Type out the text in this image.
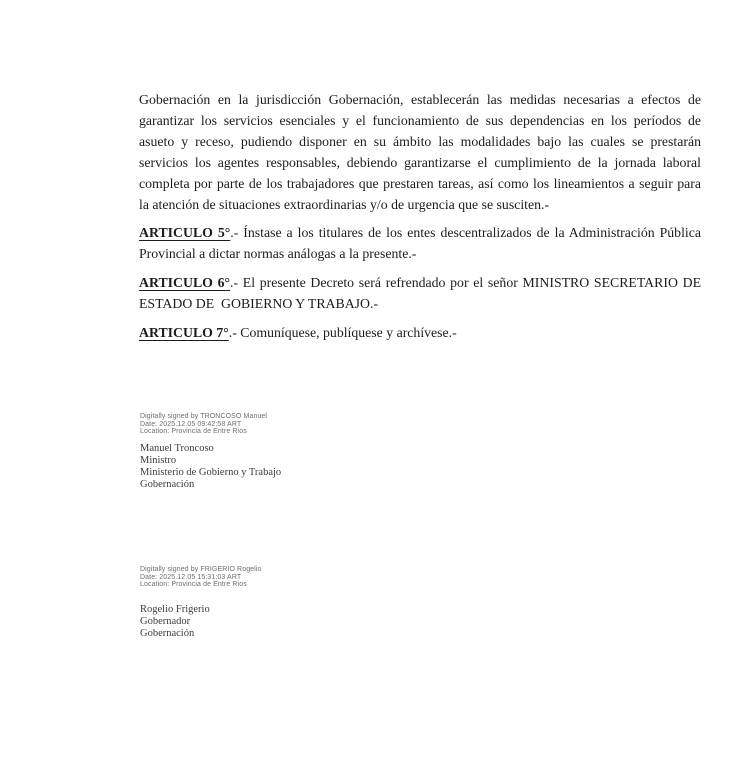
Gobernación en la jurisdicción Gobernación, establecerán las medidas necesarias a efectos de
garantizar los servicios esenciales y el funcionamiento de sus dependencias en los períodos de
asueto y receso, pudiendo disponer en su ámbito las modalidades bajo las cuales se prestarán
servicios los agentes responsables, debiendo garantizarse el cumplimiento de la jornada laboral
completa por parte de los trabajadores que prestaren tareas, así como los lineamientos a seguir para
la atención de situaciones extraordinarias y/o de urgencia que se susciten.-
ARTICULO 5°.- Ínstase a los titulares de los entes descentralizados de la Administración Pública
Provincial a dictar normas análogas a la presente.-
ARTICULO 6°.- El presente Decreto será refrendado por el señor MINISTRO SECRETARIO DE
ESTADO DE  GOBIERNO Y TRABAJO.-
ARTICULO 7°.- Comuníquese, publíquese y archívese.-
Digitally signed by TRONCOSO Manuel
Date: 2025.12.05 09:42:58 ART
Location: Provincia de Entre Rios
Manuel Troncoso
Ministro
Ministerio de Gobierno y Trabajo
Gobernación
Digitally signed by FRIGERIO Rogelio
Date: 2025.12.05 15:31:03 ART
Location: Provincia de Entre Rios
Rogelio Frigerio
Gobernador
Gobernación
